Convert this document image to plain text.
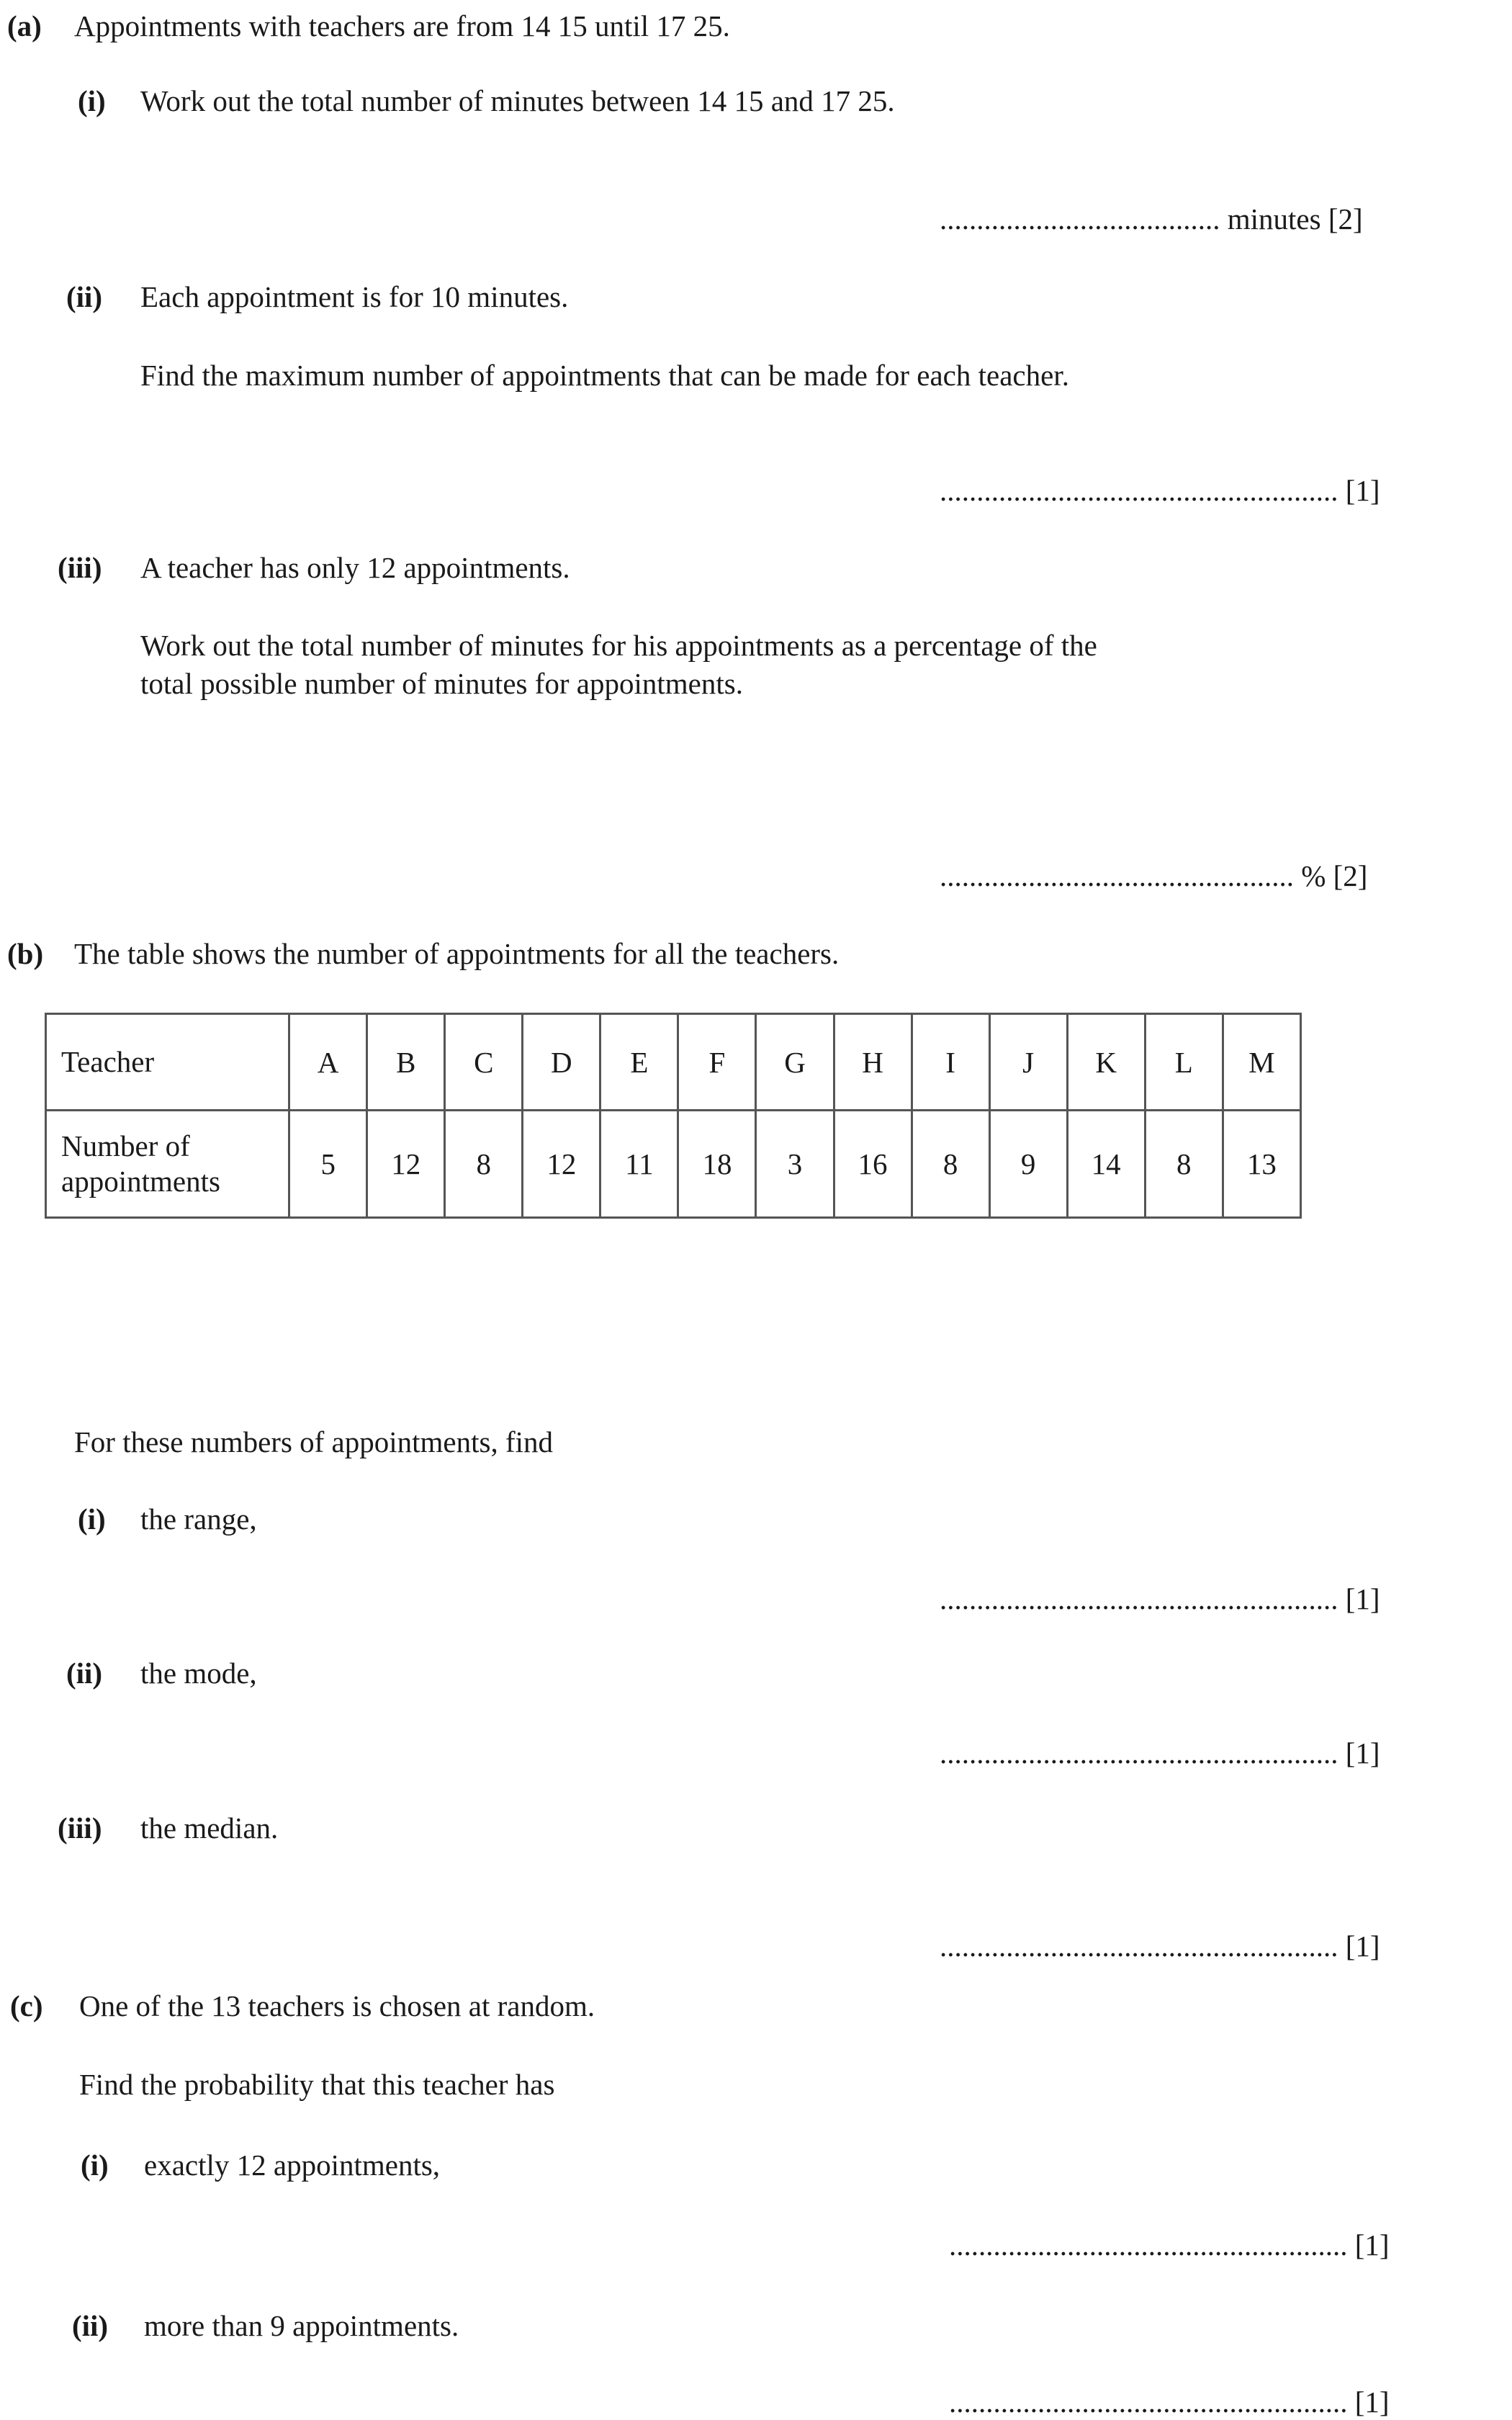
(a) Appointments with teachers are from 14 15 until 17 25.
(i) Work out the total number of minutes between 14 15 and 17 25.
...................................... minutes [2]
(ii) Each appointment is for 10 minutes.
Find the maximum number of appointments that can be made for each teacher.
...................................................... [1]
(iii) A teacher has only 12 appointments.
Work out the total number of minutes for his appointments as a percentage of the
total possible number of minutes for appointments.
................................................ % [2]
(b) The table shows the number of appointments for all the teachers.
Teacher	A	B	C	D	E	F	G	H	I	J	K	L	M

Number of
appointments	5	12	8	12	11	18	3	16	8	9	14	8	13
For these numbers of appointments, find
(i) the range,
...................................................... [1]
(ii) the mode,
...................................................... [1]
(iii) the median.
...................................................... [1]
(c) One of the 13 teachers is chosen at random.
Find the probability that this teacher has
(i) exactly 12 appointments,
...................................................... [1]
(ii) more than 9 appointments.
...................................................... [1]
